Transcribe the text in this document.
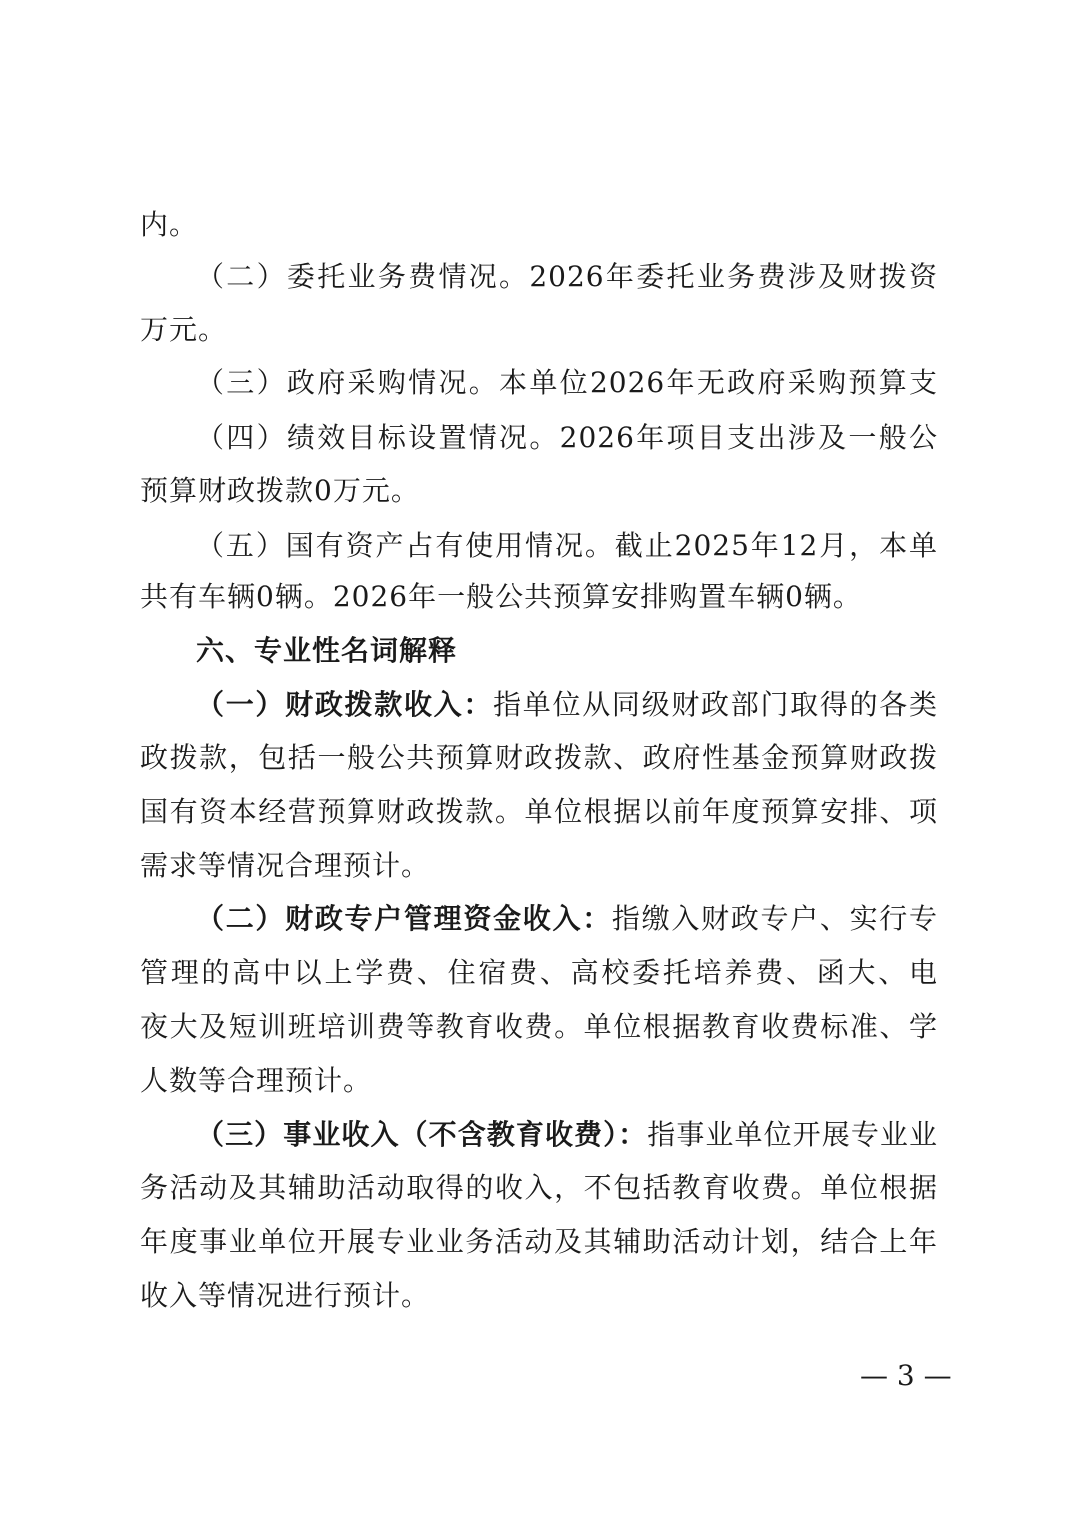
内。
（二）委托业务费情况。2026年委托业务费涉及财拨资
万元。
（三）政府采购情况。本单位2026年无政府采购预算支
（四）绩效目标设置情况。2026年项目支出涉及一般公
预算财政拨款0万元。
（五）国有资产占有使用情况。截止2025年12月，本单
共有车辆0辆。2026年一般公共预算安排购置车辆0辆。
六、专业性名词解释
（一）财政拨款收入：指单位从同级财政部门取得的各类
政拨款，包括一般公共预算财政拨款、政府性基金预算财政拨
国有资本经营预算财政拨款。单位根据以前年度预算安排、项
需求等情况合理预计。
（二）财政专户管理资金收入：指缴入财政专户、实行专
管理的高中以上学费、住宿费、高校委托培养费、函大、电
夜大及短训班培训费等教育收费。单位根据教育收费标准、学
人数等合理预计。
（三）事业收入（不含教育收费）：指事业单位开展专业业
务活动及其辅助活动取得的收入，不包括教育收费。单位根据
年度事业单位开展专业业务活动及其辅助活动计划，结合上年
收入等情况进行预计。
— 3 —
